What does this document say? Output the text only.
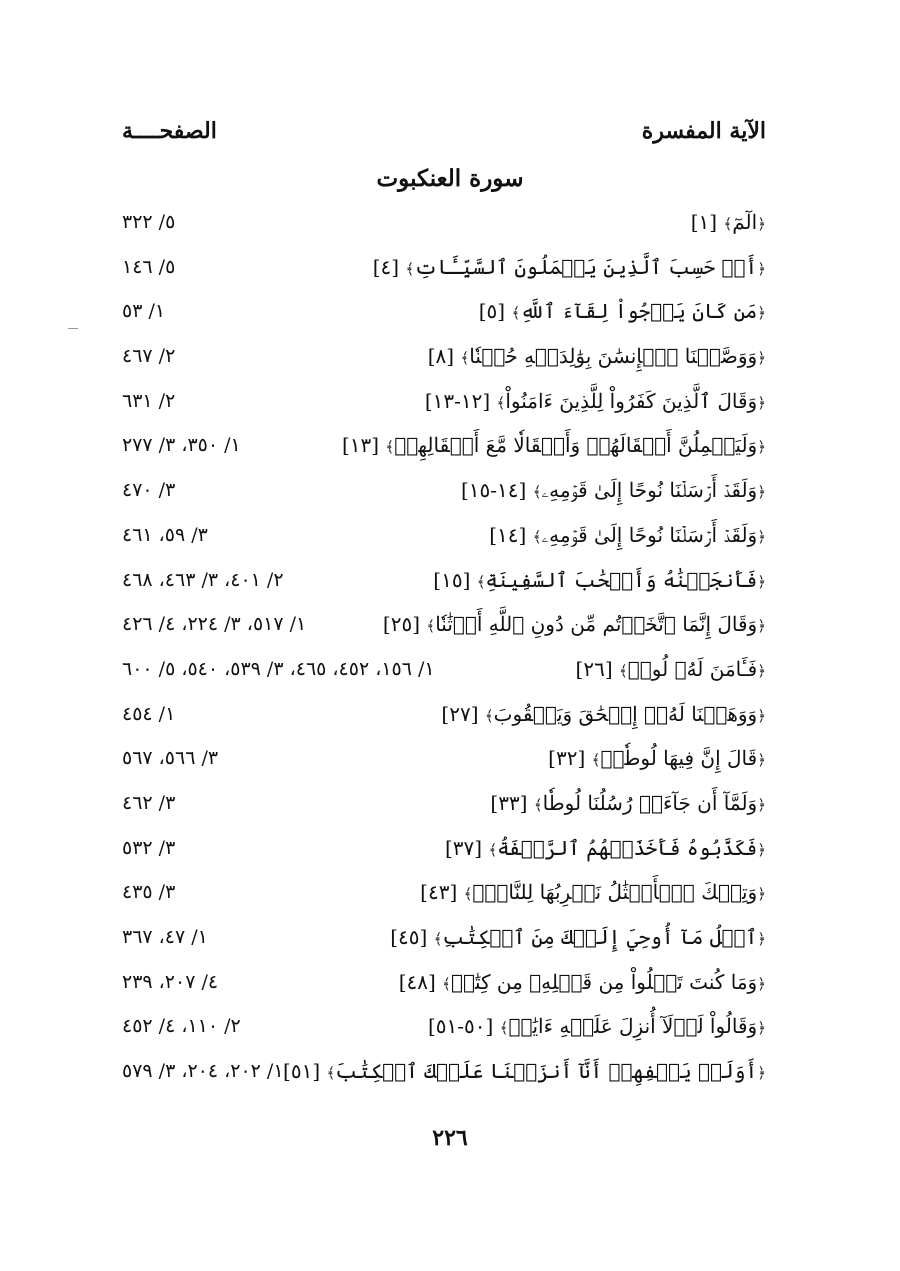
الآية المفسرة
الصفحــــة
سورة العنكبوت
﴿الٓمٓ﴾ [١]
٥/ ٣٢٢
﴿أَمۡ حَسِبَ ٱلَّذِينَ يَعۡمَلُونَ ٱلسَّيِّـَٔاتِ﴾ [٤]
٥/ ١٤٦
﴿مَن كَانَ يَرۡجُواْ لِقَآءَ ٱللَّهِ﴾ [٥]
١/ ٥٣
﴿وَوَصَّيۡنَا ٱلۡإِنسَٰنَ بِوَٰلِدَيۡهِ حُسۡنٗا﴾ [٨]
٢/ ٤٦٧
﴿وَقَالَ ٱلَّذِينَ كَفَرُواْ لِلَّذِينَ ءَامَنُواْ﴾ [١٢-١٣]
٢/ ٦٣١
﴿وَلَيَحۡمِلُنَّ أَثۡقَالَهُمۡ وَأَثۡقَالٗا مَّعَ أَثۡقَالِهِمۡ﴾ [١٣]
١/ ٣٥٠، ٣/ ٢٧٧
﴿وَلَقَدۡ أَرۡسَلۡنَا نُوحًا إِلَىٰ قَوۡمِهِۦ﴾ [١٤-١٥]
٣/ ٤٧٠
﴿وَلَقَدۡ أَرۡسَلۡنَا نُوحًا إِلَىٰ قَوۡمِهِۦ﴾ [١٤]
٣/ ٥٩، ٤٦١
﴿فَأَنجَيۡنَٰهُ وَأَصۡحَٰبَ ٱلسَّفِينَةِ﴾ [١٥]
٢/ ٤٠١، ٣/ ٤٦٣، ٤٦٨
﴿وَقَالَ إِنَّمَا ٱتَّخَذۡتُم مِّن دُونِ ٱللَّهِ أَوۡثَٰنٗا﴾ [٢٥]
١/ ٥١٧، ٣/ ٢٢٤، ٤/ ٤٢٦
﴿فَـَٔامَنَ لَهُۥ لُوطٞ﴾ [٢٦]
١/ ١٥٦، ٤٥٢، ٤٦٥، ٣/ ٥٣٩، ٥٤٠، ٥/ ٦٠٠
﴿وَوَهَبۡنَا لَهُۥٓ إِسۡحَٰقَ وَيَعۡقُوبَ﴾ [٢٧]
١/ ٤٥٤
﴿قَالَ إِنَّ فِيهَا لُوطٗاۚ﴾ [٣٢]
٣/ ٥٦٦، ٥٦٧
﴿وَلَمَّآ أَن جَآءَتۡ رُسُلُنَا لُوطٗا﴾ [٣٣]
٣/ ٤٦٢
﴿فَكَذَّبُوهُ فَأَخَذَتۡهُمُ ٱلرَّجۡفَةُ﴾ [٣٧]
٣/ ٥٣٢
﴿وَتِلۡكَ ٱلۡأَمۡثَٰلُ نَضۡرِبُهَا لِلنَّاسِۖ﴾ [٤٣]
٣/ ٤٣٥
﴿ٱتۡلُ مَآ أُوحِيَ إِلَيۡكَ مِنَ ٱلۡكِتَٰبِ﴾ [٤٥]
١/ ٤٧، ٣٦٧
﴿وَمَا كُنتَ تَتۡلُواْ مِن قَبۡلِهِۦ مِن كِتَٰبٖ﴾ [٤٨]
٤/ ٢٠٧، ٢٣٩
﴿وَقَالُواْ لَوۡلَآ أُنزِلَ عَلَيۡهِ ءَايَٰتٞ﴾ [٥٠-٥١]
٢/ ١١٠، ٤/ ٤٥٢
﴿أَوَلَمۡ يَكۡفِهِمۡ أَنَّآ أَنزَلۡنَا عَلَيۡكَ ٱلۡكِتَٰبَ﴾ [٥١]
١/ ٢٠٢، ٢٠٤، ٣/ ٥٧٩
٢٢٦
